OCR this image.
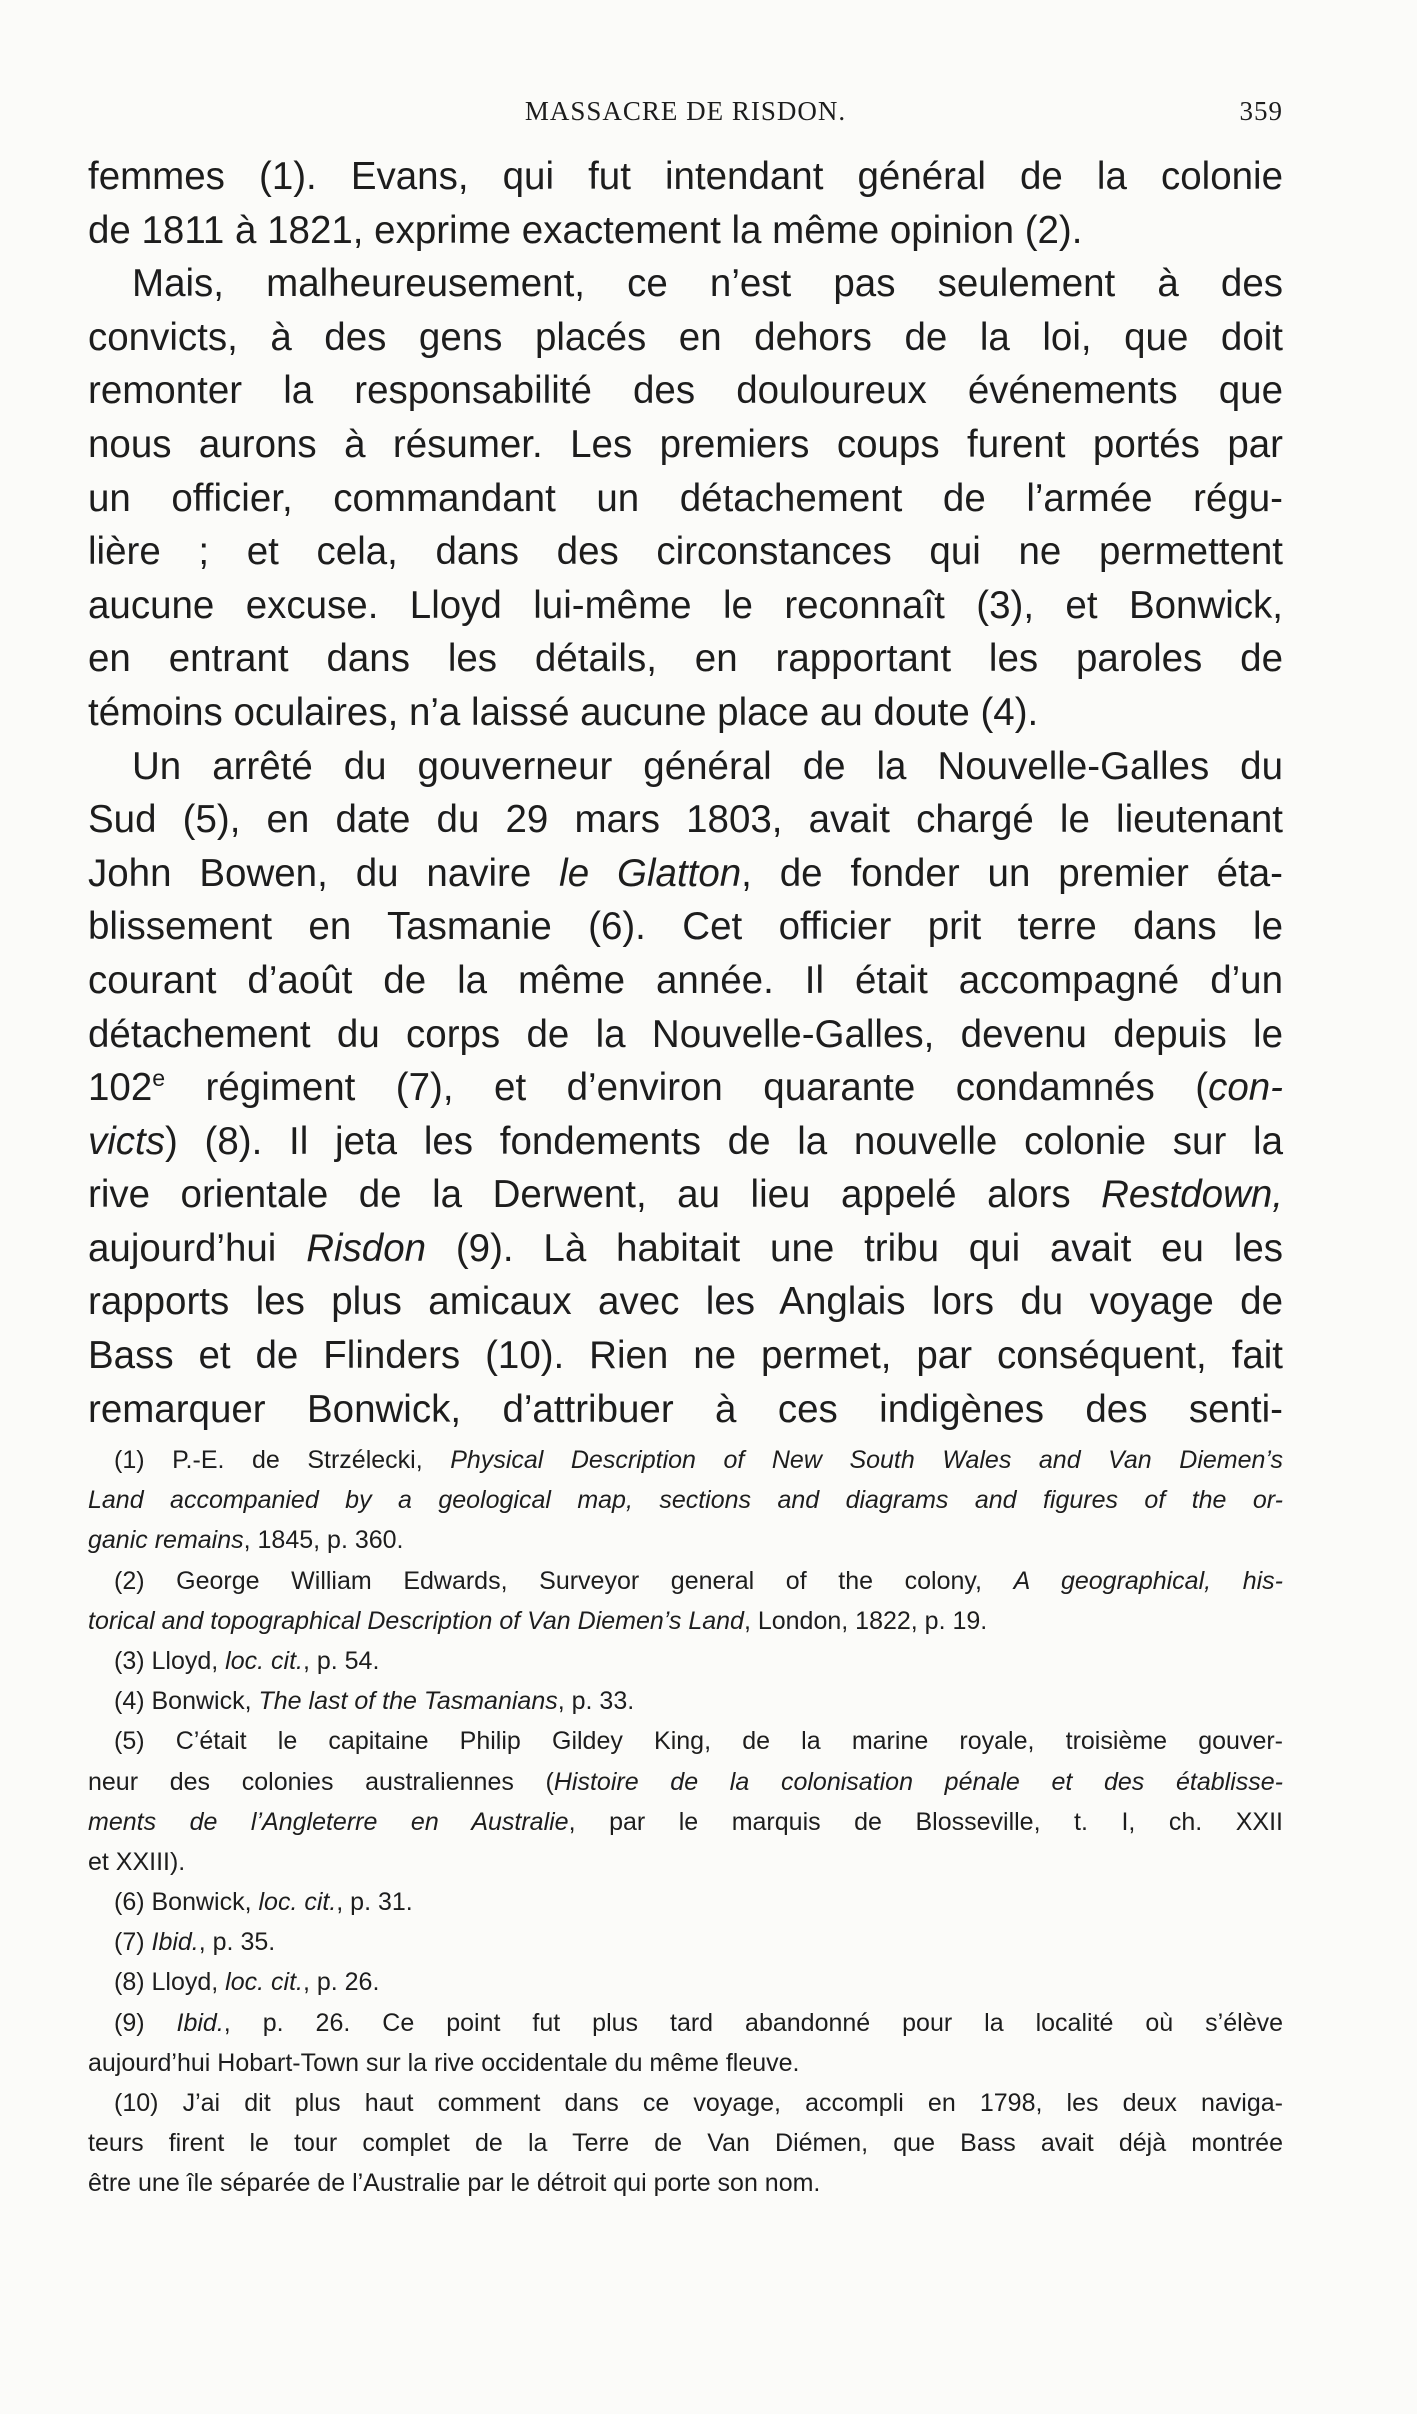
MASSACRE DE RISDON.	359
femmes (1). Evans, qui fut intendant général de la colonie
de 1811 à 1821, exprime exactement la même opinion (2).
Mais, malheureusement, ce n’est pas seulement à des
convicts, à des gens placés en dehors de la loi, que doit
remonter la responsabilité des douloureux événements que
nous aurons à résumer. Les premiers coups furent portés par
un officier, commandant un détachement de l’armée régu-
lière ; et cela, dans des circonstances qui ne permettent
aucune excuse. Lloyd lui-même le reconnaît (3), et Bonwick,
en entrant dans les détails, en rapportant les paroles de
témoins oculaires, n’a laissé aucune place au doute (4).
Un arrêté du gouverneur général de la Nouvelle-Galles du
Sud (5), en date du 29 mars 1803, avait chargé le lieutenant
John Bowen, du navire le Glatton, de fonder un premier éta-
blissement en Tasmanie (6). Cet officier prit terre dans le
courant d’août de la même année. Il était accompagné d’un
détachement du corps de la Nouvelle-Galles, devenu depuis le
102e régiment (7), et d’environ quarante condamnés (con-
victs) (8). Il jeta les fondements de la nouvelle colonie sur la
rive orientale de la Derwent, au lieu appelé alors Restdown,
aujourd’hui Risdon (9). Là habitait une tribu qui avait eu les
rapports les plus amicaux avec les Anglais lors du voyage de
Bass et de Flinders (10). Rien ne permet, par conséquent, fait
remarquer Bonwick, d’attribuer à ces indigènes des senti-
(1) P.-E. de Strzélecki, Physical Description of New South Wales and Van Diemen’s
Land accompanied by a geological map, sections and diagrams and figures of the or-
ganic remains, 1845, p. 360.
(2) George William Edwards, Surveyor general of the colony, A geographical, his-
torical and topographical Description of Van Diemen’s Land, London, 1822, p. 19.
(3) Lloyd, loc. cit., p. 54.
(4) Bonwick, The last of the Tasmanians, p. 33.
(5) C’était le capitaine Philip Gildey King, de la marine royale, troisième gouver-
neur des colonies australiennes (Histoire de la colonisation pénale et des établisse-
ments de l’Angleterre en Australie, par le marquis de Blosseville, t. I, ch. XXII
et XXIII).
(6) Bonwick, loc. cit., p. 31.
(7) Ibid., p. 35.
(8) Lloyd, loc. cit., p. 26.
(9) Ibid., p. 26. Ce point fut plus tard abandonné pour la localité où s’élève
aujourd’hui Hobart-Town sur la rive occidentale du même fleuve.
(10) J’ai dit plus haut comment dans ce voyage, accompli en 1798, les deux naviga-
teurs firent le tour complet de la Terre de Van Diémen, que Bass avait déjà montrée
être une île séparée de l’Australie par le détroit qui porte son nom.
